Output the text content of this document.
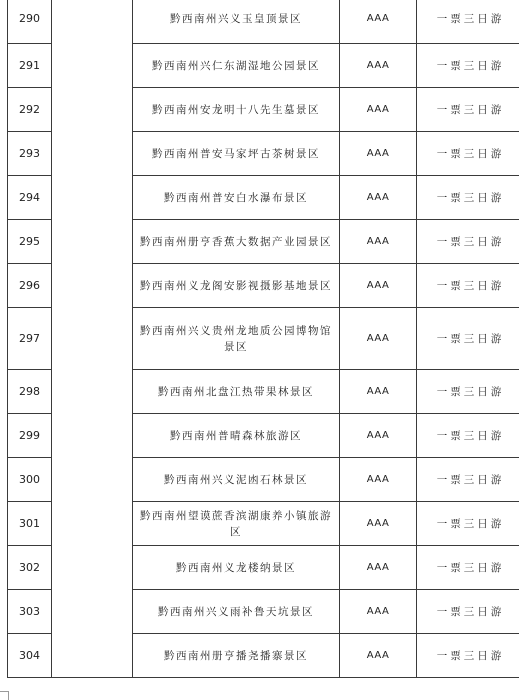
290		黔西南州兴义玉皇顶景区	AAA	一票三日游
291		黔西南州兴仁东湖湿地公园景区	AAA	一票三日游
292		黔西南州安龙明十八先生墓景区	AAA	一票三日游
293		黔西南州普安马家坪古茶树景区	AAA	一票三日游
294		黔西南州普安白水瀑布景区	AAA	一票三日游
295		黔西南州册亨香蕉大数据产业园景区	AAA	一票三日游
296		黔西南州义龙阁安影视摄影基地景区	AAA	一票三日游
297		黔西南州兴义贵州龙地质公园博物馆景区	AAA	一票三日游
298		黔西南州北盘江热带果林景区	AAA	一票三日游
299		黔西南州普晴森林旅游区	AAA	一票三日游
300		黔西南州兴义泥凼石林景区	AAA	一票三日游
301		黔西南州望谟蔗香滨湖康养小镇旅游区	AAA	一票三日游
302		黔西南州义龙楼纳景区	AAA	一票三日游
303		黔西南州兴义雨补鲁天坑景区	AAA	一票三日游
304		黔西南州册亨播尧播寨景区	AAA	一票三日游
